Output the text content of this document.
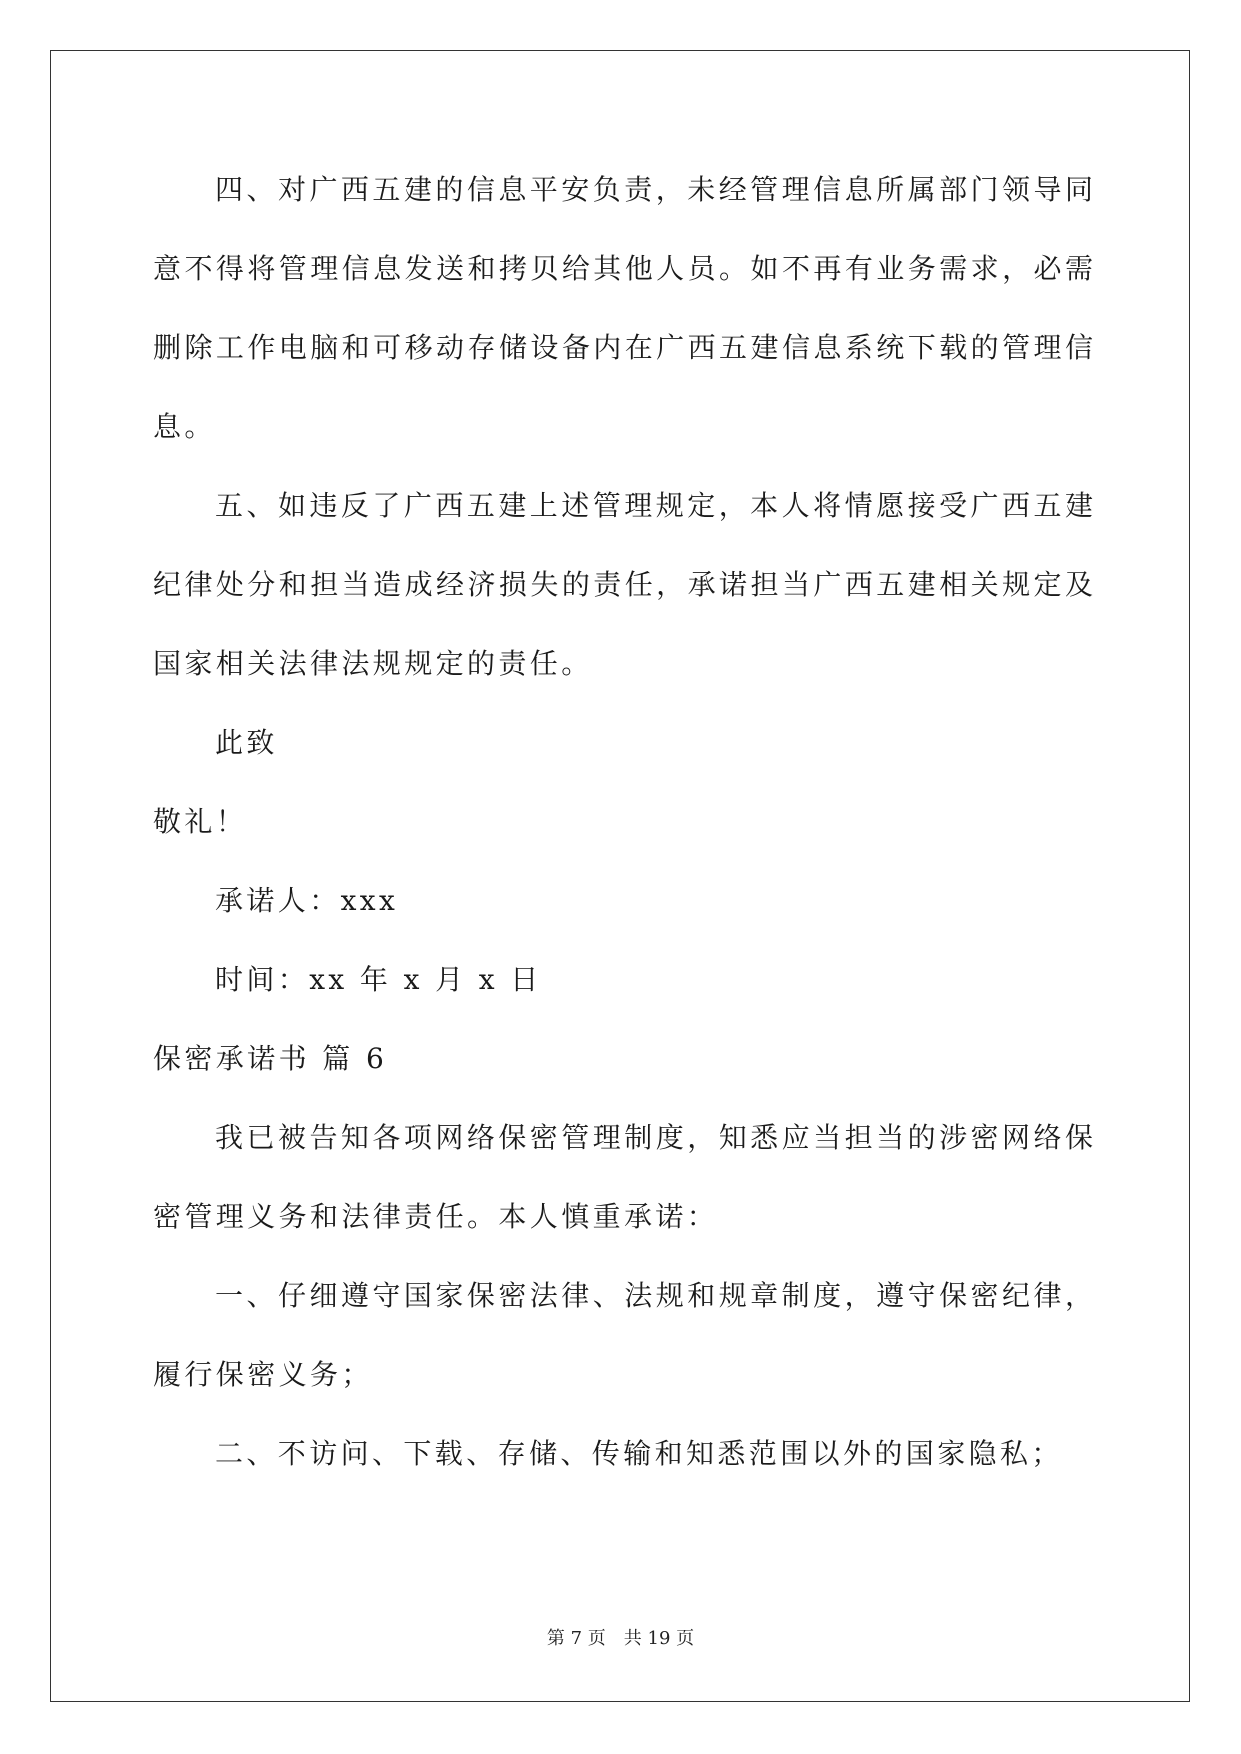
四、对广西五建的信息平安负责，未经管理信息所属部门领导同
意不得将管理信息发送和拷贝给其他人员。如不再有业务需求，必需
删除工作电脑和可移动存储设备内在广西五建信息系统下载的管理信
息。
五、如违反了广西五建上述管理规定，本人将情愿接受广西五建
纪律处分和担当造成经济损失的责任，承诺担当广西五建相关规定及
国家相关法律法规规定的责任。
此致
敬礼！
承诺人：xxx
时间：xx 年 x 月 x 日
保密承诺书 篇 6
我已被告知各项网络保密管理制度，知悉应当担当的涉密网络保
密管理义务和法律责任。本人慎重承诺：
一、仔细遵守国家保密法律、法规和规章制度，遵守保密纪律，
履行保密义务；
二、不访问、下载、存储、传输和知悉范围以外的国家隐私；
第 7 页 共 19 页
